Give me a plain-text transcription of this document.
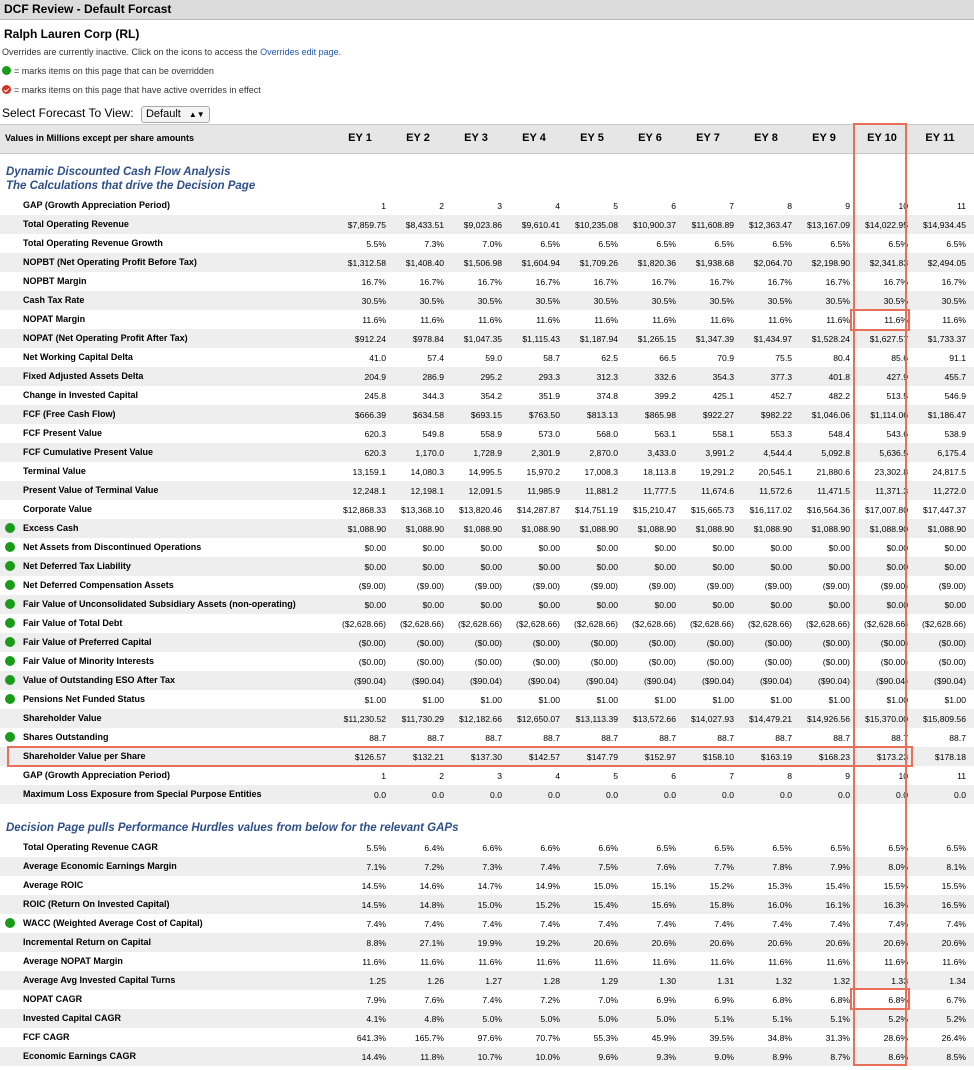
DCF Review - Default Forcast
Ralph Lauren Corp (RL)
Overrides are currently inactive. Click on the icons to access the Overrides edit page.
= marks items on this page that can be overridden
= marks items on this page that have active overrides in effect
Select Forecast To View: Default ▲▼
Values in Millions except per share amounts	EY 1	EY 2	EY 3	EY 4	EY 5	EY 6	EY 7	EY 8	EY 9	EY 10	EY 11
Dynamic Discounted Cash Flow Analysis
The Calculations that drive the Decision Page
GAP (Growth Appreciation Period)	1	2	3	4	5	6	7	8	9	10	11
Total Operating Revenue	$7,859.75	$8,433.51	$9,023.86	$9,610.41	$10,235.08	$10,900.37	$11,608.89	$12,363.47	$13,167.09	$14,022.95	$14,934.45
Total Operating Revenue Growth	5.5%	7.3%	7.0%	6.5%	6.5%	6.5%	6.5%	6.5%	6.5%	6.5%	6.5%
NOPBT (Net Operating Profit Before Tax)	$1,312.58	$1,408.40	$1,506.98	$1,604.94	$1,709.26	$1,820.36	$1,938.68	$2,064.70	$2,198.90	$2,341.83	$2,494.05
NOPBT Margin	16.7%	16.7%	16.7%	16.7%	16.7%	16.7%	16.7%	16.7%	16.7%	16.7%	16.7%
Cash Tax Rate	30.5%	30.5%	30.5%	30.5%	30.5%	30.5%	30.5%	30.5%	30.5%	30.5%	30.5%
NOPAT Margin	11.6%	11.6%	11.6%	11.6%	11.6%	11.6%	11.6%	11.6%	11.6%	11.6%	11.6%
NOPAT (Net Operating Profit After Tax)	$912.24	$978.84	$1,047.35	$1,115.43	$1,187.94	$1,265.15	$1,347.39	$1,434.97	$1,528.24	$1,627.57	$1,733.37
Net Working Capital Delta	41.0	57.4	59.0	58.7	62.5	66.5	70.9	75.5	80.4	85.6	91.1
Fixed Adjusted Assets Delta	204.9	286.9	295.2	293.3	312.3	332.6	354.3	377.3	401.8	427.9	455.7
Change in Invested Capital	245.8	344.3	354.2	351.9	374.8	399.2	425.1	452.7	482.2	513.5	546.9
FCF (Free Cash Flow)	$666.39	$634.58	$693.15	$763.50	$813.13	$865.98	$922.27	$982.22	$1,046.06	$1,114.06	$1,186.47
FCF Present Value	620.3	549.8	558.9	573.0	568.0	563.1	558.1	553.3	548.4	543.6	538.9
FCF Cumulative Present Value	620.3	1,170.0	1,728.9	2,301.9	2,870.0	3,433.0	3,991.2	4,544.4	5,092.8	5,636.5	6,175.4
Terminal Value	13,159.1	14,080.3	14,995.5	15,970.2	17,008.3	18,113.8	19,291.2	20,545.1	21,880.6	23,302.8	24,817.5
Present Value of Terminal Value	12,248.1	12,198.1	12,091.5	11,985.9	11,881.2	11,777.5	11,674.6	11,572.6	11,471.5	11,371.3	11,272.0
Corporate Value	$12,868.33	$13,368.10	$13,820.46	$14,287.87	$14,751.19	$15,210.47	$15,665.73	$16,117.02	$16,564.36	$17,007.80	$17,447.37
Excess Cash	$1,088.90	$1,088.90	$1,088.90	$1,088.90	$1,088.90	$1,088.90	$1,088.90	$1,088.90	$1,088.90	$1,088.90	$1,088.90
Net Assets from Discontinued Operations	$0.00	$0.00	$0.00	$0.00	$0.00	$0.00	$0.00	$0.00	$0.00	$0.00	$0.00
Net Deferred Tax Liability	$0.00	$0.00	$0.00	$0.00	$0.00	$0.00	$0.00	$0.00	$0.00	$0.00	$0.00
Net Deferred Compensation Assets	($9.00)	($9.00)	($9.00)	($9.00)	($9.00)	($9.00)	($9.00)	($9.00)	($9.00)	($9.00)	($9.00)
Fair Value of Unconsolidated Subsidiary Assets (non-operating)	$0.00	$0.00	$0.00	$0.00	$0.00	$0.00	$0.00	$0.00	$0.00	$0.00	$0.00
Fair Value of Total Debt	($2,628.66)	($2,628.66)	($2,628.66)	($2,628.66)	($2,628.66)	($2,628.66)	($2,628.66)	($2,628.66)	($2,628.66)	($2,628.66)	($2,628.66)
Fair Value of Preferred Capital	($0.00)	($0.00)	($0.00)	($0.00)	($0.00)	($0.00)	($0.00)	($0.00)	($0.00)	($0.00)	($0.00)
Fair Value of Minority Interests	($0.00)	($0.00)	($0.00)	($0.00)	($0.00)	($0.00)	($0.00)	($0.00)	($0.00)	($0.00)	($0.00)
Value of Outstanding ESO After Tax	($90.04)	($90.04)	($90.04)	($90.04)	($90.04)	($90.04)	($90.04)	($90.04)	($90.04)	($90.04)	($90.04)
Pensions Net Funded Status	$1.00	$1.00	$1.00	$1.00	$1.00	$1.00	$1.00	$1.00	$1.00	$1.00	$1.00
Shareholder Value	$11,230.52	$11,730.29	$12,182.66	$12,650.07	$13,113.39	$13,572.66	$14,027.93	$14,479.21	$14,926.56	$15,370.00	$15,809.56
Shares Outstanding	88.7	88.7	88.7	88.7	88.7	88.7	88.7	88.7	88.7	88.7	88.7
Shareholder Value per Share	$126.57	$132.21	$137.30	$142.57	$147.79	$152.97	$158.10	$163.19	$168.23	$173.23	$178.18
GAP (Growth Appreciation Period)	1	2	3	4	5	6	7	8	9	10	11
Maximum Loss Exposure from Special Purpose Entities	0.0	0.0	0.0	0.0	0.0	0.0	0.0	0.0	0.0	0.0	0.0
Decision Page pulls Performance Hurdles values from below for the relevant GAPs
Total Operating Revenue CAGR	5.5%	6.4%	6.6%	6.6%	6.6%	6.5%	6.5%	6.5%	6.5%	6.5%	6.5%
Average Economic Earnings Margin	7.1%	7.2%	7.3%	7.4%	7.5%	7.6%	7.7%	7.8%	7.9%	8.0%	8.1%
Average ROIC	14.5%	14.6%	14.7%	14.9%	15.0%	15.1%	15.2%	15.3%	15.4%	15.5%	15.5%
ROIC (Return On Invested Capital)	14.5%	14.8%	15.0%	15.2%	15.4%	15.6%	15.8%	16.0%	16.1%	16.3%	16.5%
WACC (Weighted Average Cost of Capital)	7.4%	7.4%	7.4%	7.4%	7.4%	7.4%	7.4%	7.4%	7.4%	7.4%	7.4%
Incremental Return on Capital	8.8%	27.1%	19.9%	19.2%	20.6%	20.6%	20.6%	20.6%	20.6%	20.6%	20.6%
Average NOPAT Margin	11.6%	11.6%	11.6%	11.6%	11.6%	11.6%	11.6%	11.6%	11.6%	11.6%	11.6%
Average Avg Invested Capital Turns	1.25	1.26	1.27	1.28	1.29	1.30	1.31	1.32	1.32	1.33	1.34
NOPAT CAGR	7.9%	7.6%	7.4%	7.2%	7.0%	6.9%	6.9%	6.8%	6.8%	6.8%	6.7%
Invested Capital CAGR	4.1%	4.8%	5.0%	5.0%	5.0%	5.0%	5.1%	5.1%	5.1%	5.2%	5.2%
FCF CAGR	641.3%	165.7%	97.6%	70.7%	55.3%	45.9%	39.5%	34.8%	31.3%	28.6%	26.4%
Economic Earnings CAGR	14.4%	11.8%	10.7%	10.0%	9.6%	9.3%	9.0%	8.9%	8.7%	8.6%	8.5%
